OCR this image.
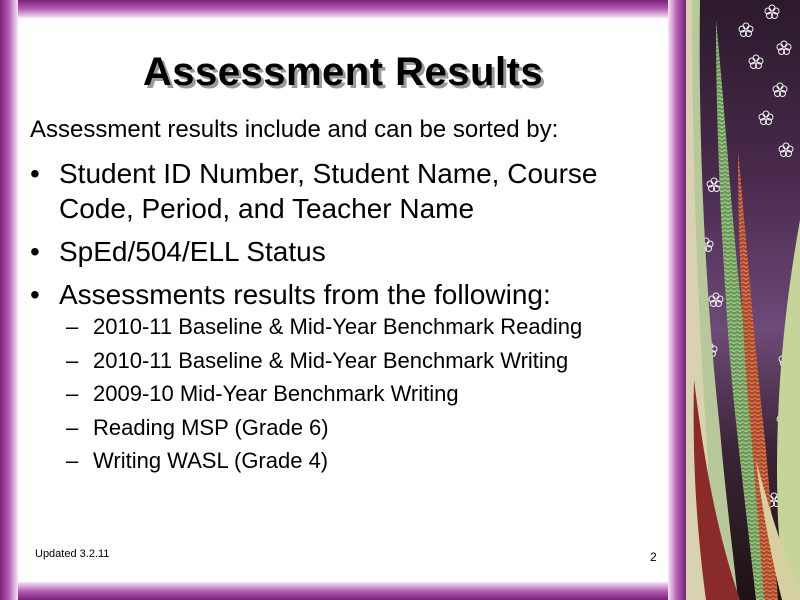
Assessment Results
Assessment results include and can be sorted by:
• Student ID Number, Student Name, Course Code, Period, and Teacher Name
• SpEd/504/ELL Status
• Assessments results from the following:
– 2010-11 Baseline & Mid-Year Benchmark Reading
– 2010-11 Baseline & Mid-Year Benchmark Writing
– 2009-10 Mid-Year Benchmark Writing
– Reading MSP (Grade 6)
– Writing WASL (Grade 4)
Updated 3.2.11	2
